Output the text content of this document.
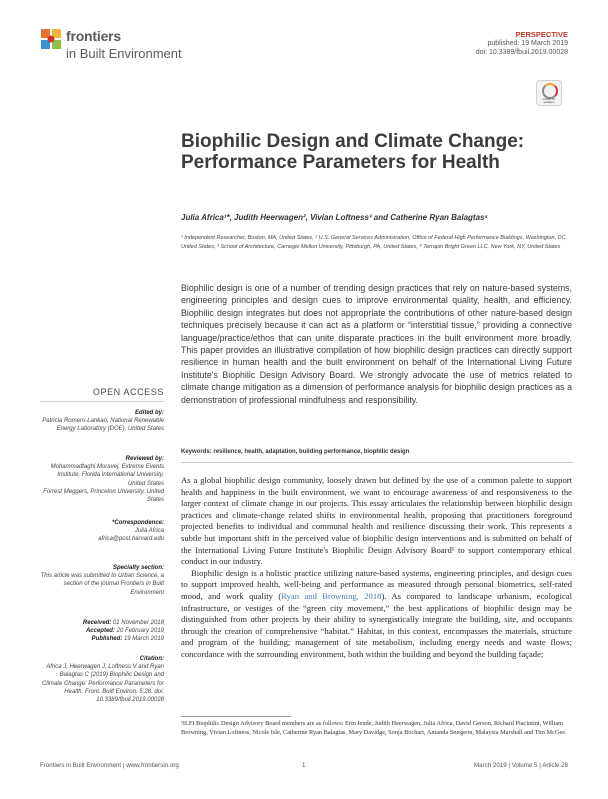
frontiers
in Built Environment
PERSPECTIVE
published: 19 March 2019
doi: 10.3389/fbuil.2019.00028
Check for updates
Biophilic Design and Climate Change: Performance Parameters for Health
Julia Africa¹*, Judith Heerwagen², Vivian Loftness³ and Catherine Ryan Balagtas⁴
¹ Independent Researcher, Boston, MA, United States, ² U.S. General Services Administration, Office of Federal High Performance Buildings, Washington, DC, United States, ³ School of Architecture, Carnegie Mellon University, Pittsburgh, PA, United States, ⁴ Terrapin Bright Green LLC, New York, NY, United States
Biophilic design is one of a number of trending design practices that rely on nature-based systems, engineering principles and design cues to improve environmental quality, health, and efficiency. Biophilic design integrates but does not appropriate the contributions of other nature-based design techniques precisely because it can act as a platform or “interstitial tissue,” providing a connective language/practice/ethos that can unite disparate practices in the built environment more broadly. This paper provides an illustrative compilation of how biophilic design practices can directly support resilience in human health and the built environment on behalf of the International Living Future Institute's Biophilic Design Advisory Board. We strongly advocate the use of metrics related to climate change mitigation as a dimension of performance analysis for biophilic design practices as a demonstration of professional mindfulness and responsibility.
Keywords: resilience, health, adaptation, building performance, biophilic design
OPEN ACCESS
Edited by:
Patricia Romero-Lankao, National Renewable Energy Laboratory (DOE), United States
Reviewed by:
Mohammadtaghi Moravej, Extreme Events Institute, Florida International University, United States
Forrest Meggers, Princeton University, United States
*Correspondence:
Julia Africa
africa@post.harvard.edu
Specialty section:
This article was submitted to Urban Science, a section of the journal Frontiers in Built Environment
Received: 01 November 2018
Accepted: 20 February 2019
Published: 19 March 2019
Citation:
Africa J, Heerwagen J, Loftness V and Ryan Balagtas C (2019) Biophilic Design and Climate Change: Performance Parameters for Health. Front. Built Environ. 5:28. doi: 10.3389/fbuil.2019.00028

As a global biophilic design community, loosely drawn but defined by the use of a common palette to support health and happiness in the built environment, we want to encourage awareness of and responsiveness to the larger context of climate change in our projects. This essay articulates the relationship between biophilic design practices and climate-change related shifts in environmental health, proposing that practitioners foreground projected benefits to individual and communal health and resilience discussing their work. This represents a subtle but important shift in the perceived value of biophilic design interventions and is submitted on behalf of the International Living Future Institute's Biophilic Design Advisory Board¹ to support contemporary ethical conduct in our industry.

Biophilic design is a holistic practice utilizing nature-based systems, engineering principles, and design cues to support improved health, well-being and performance as measured through personal biometrics, self-rated mood, and work quality (Ryan and Browning, 2018). As compared to landscape urbanism, ecological infrastructure, or vestiges of the “green city movement,” the best applications of biophilic design may be distinguished from other projects by their ability to synergistically integrate the building, site, and occupants through the creation of comprehensive “habitat.” Habitat, in this context, encompasses the materials, structure and program of the building; management of site metabolism, including energy needs and waste flows; concordance with the surrounding environment, both within the building and beyond the building façade;

¹ILFI Biophilic Design Advisory Board members are as follows: Erin Iende, Judith Heerwagen, Julia Africa, David Gerson, Richard Piacintini, William Browning, Vivian Loftness, Nicole Isle, Catherine Ryan Balagtas, Mary Davidge, Sonja Bochart, Amanda Sturgeon, Malaysia Marshall and Tim McGee.
Frontiers in Built Environment | www.frontiersin.org	1	March 2019 | Volume 5 | Article 28
